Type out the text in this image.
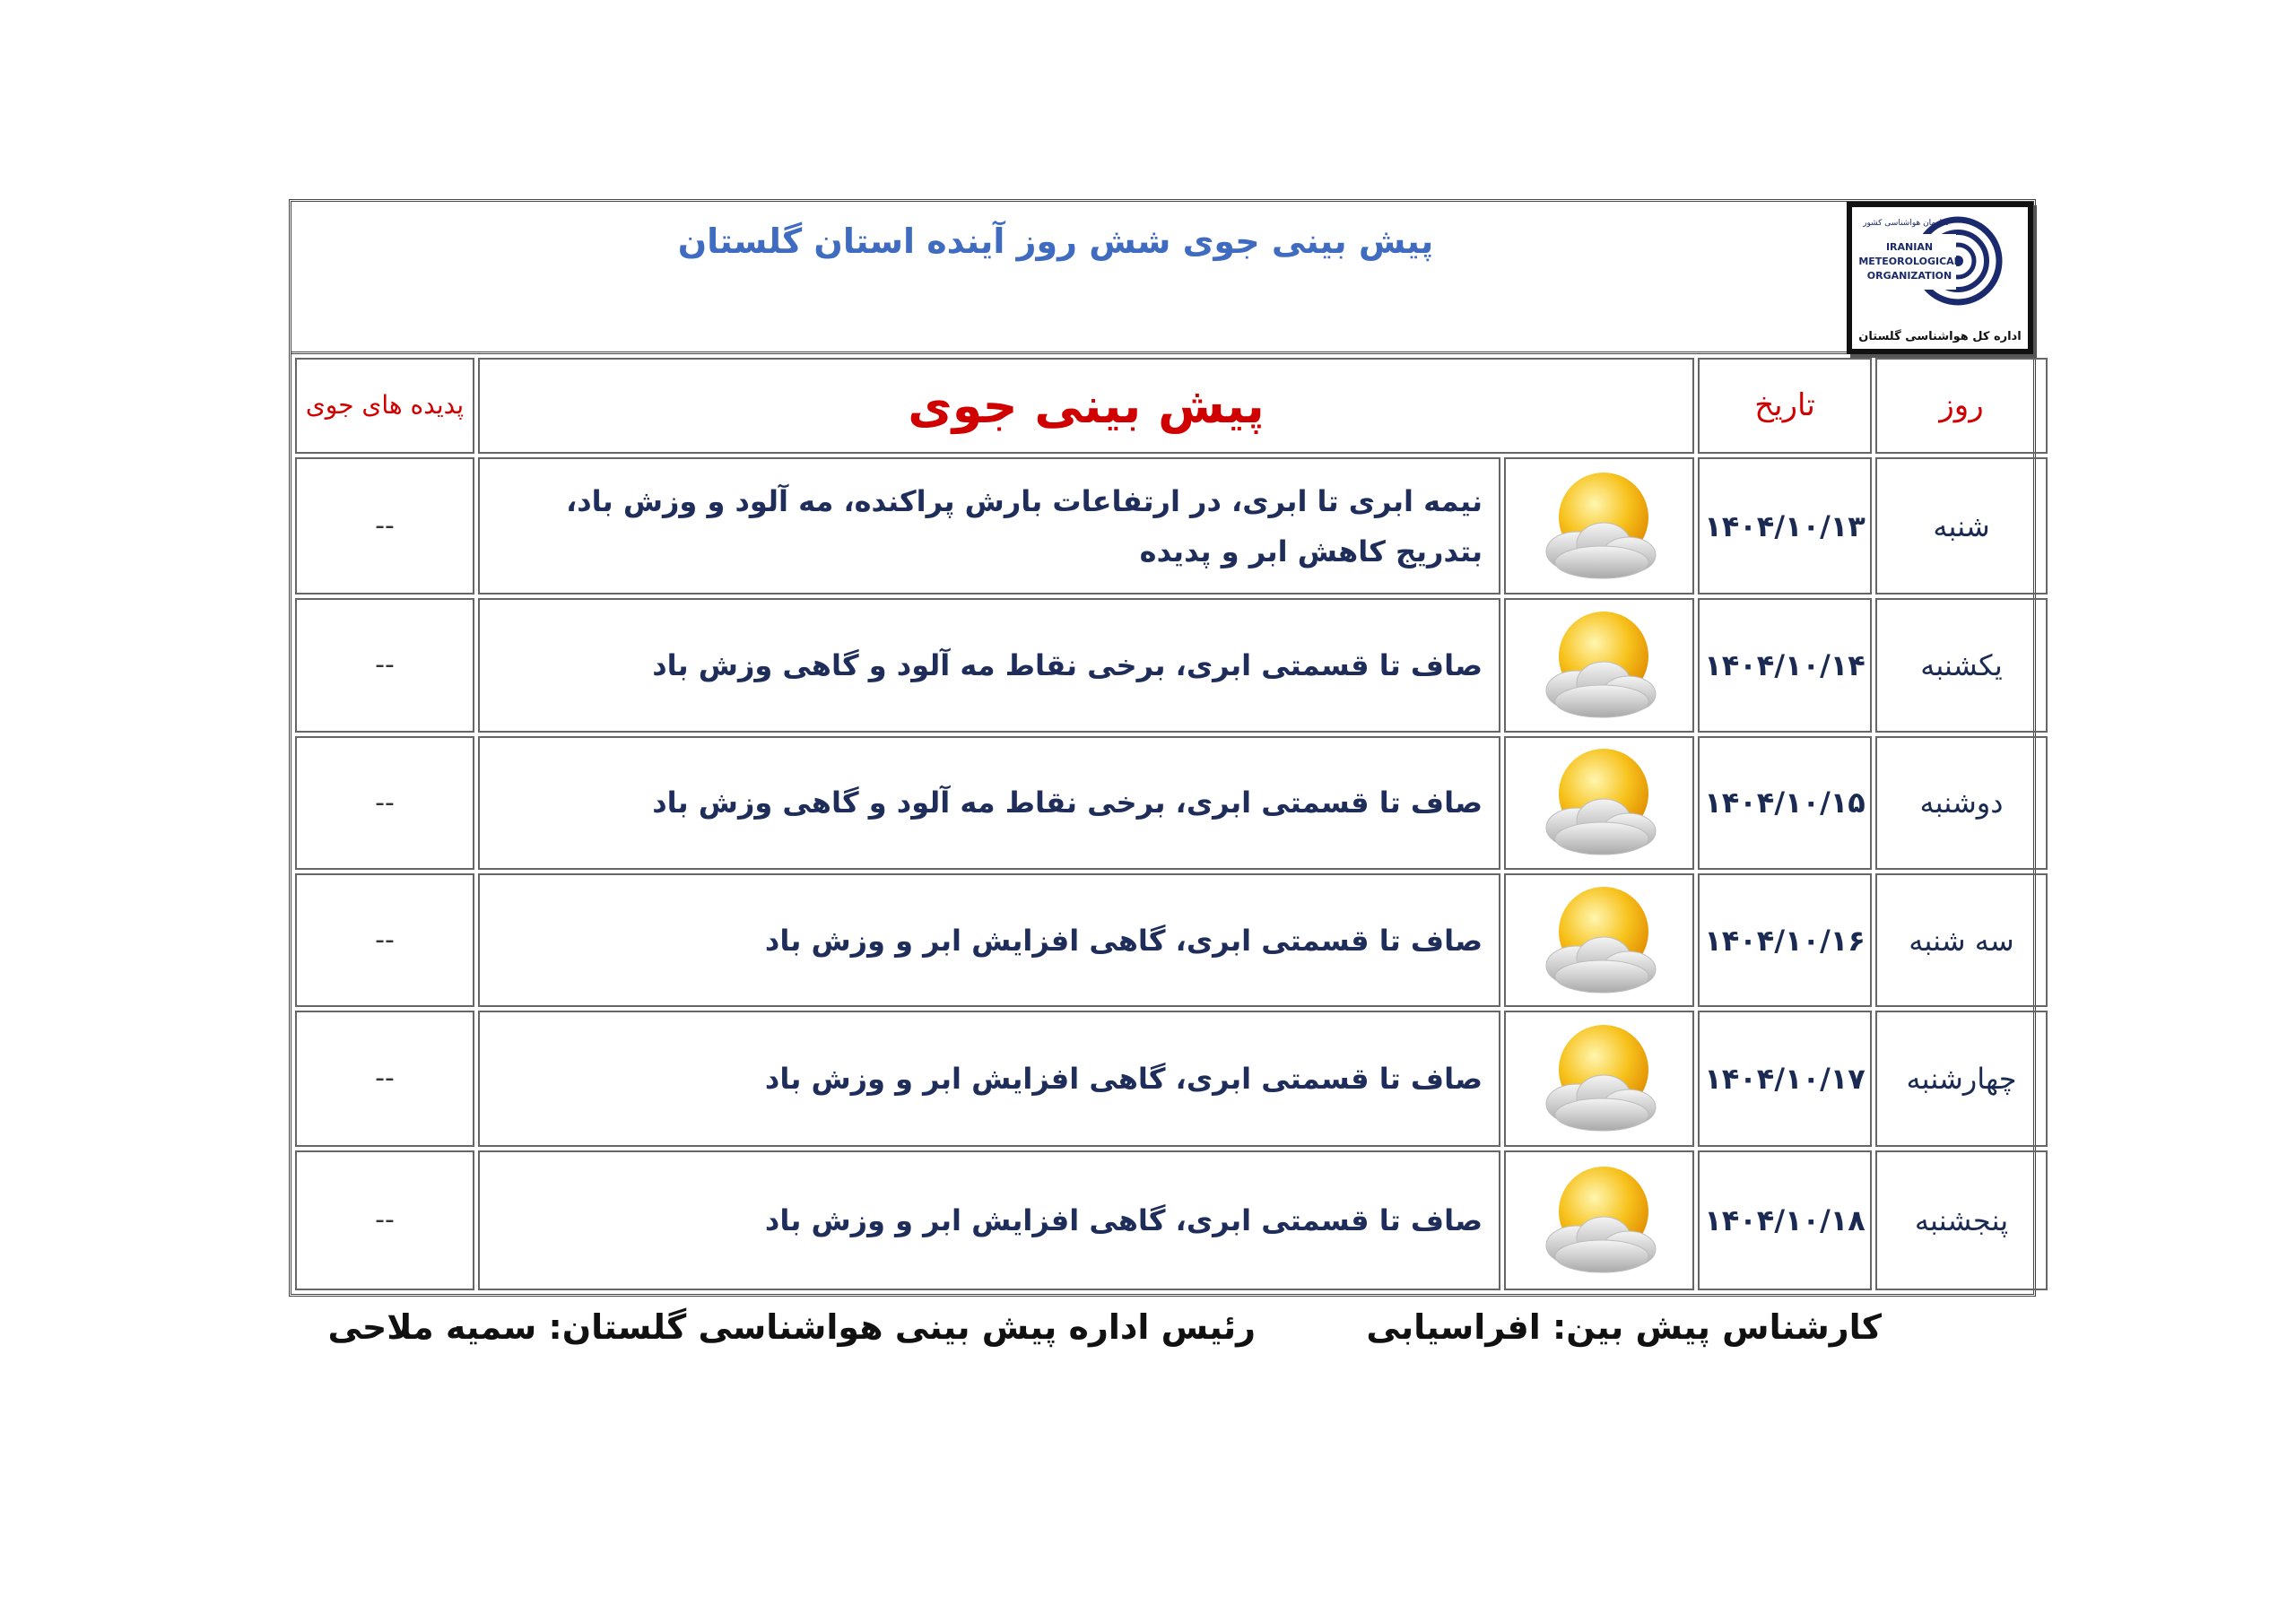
پیش بینی جوی شش روز آینده استان گلستان	سازمان هواشناسی کشور
IRANIAN
METEOROLOGICAL
ORGANIZATION
اداره کل هواشناسی گلستان
روز	تاریخ	پیش بینی جوی		پدیده های جوی
شنبه	۱۴۰۴/۱۰/۱۳		نیمه ابری تا ابری، در ارتفاعات بارش پراکنده، مه آلود و وزش باد، بتدریج کاهش ابر و پدیده	--
یکشنبه	۱۴۰۴/۱۰/۱۴		صاف تا قسمتی ابری، برخی نقاط مه آلود و گاهی وزش باد	--
دوشنبه	۱۴۰۴/۱۰/۱۵		صاف تا قسمتی ابری، برخی نقاط مه آلود و گاهی وزش باد	--
سه شنبه	۱۴۰۴/۱۰/۱۶		صاف تا قسمتی ابری، گاهی افزایش ابر و وزش باد	--
چهارشنبه	۱۴۰۴/۱۰/۱۷		صاف تا قسمتی ابری، گاهی افزایش ابر و وزش باد	--
پنجشنبه	۱۴۰۴/۱۰/۱۸		صاف تا قسمتی ابری، گاهی افزایش ابر و وزش باد	--
کارشناس پیش بین: افراسیابی
رئیس اداره پیش بینی هواشناسی گلستان: سمیه ملاحی
